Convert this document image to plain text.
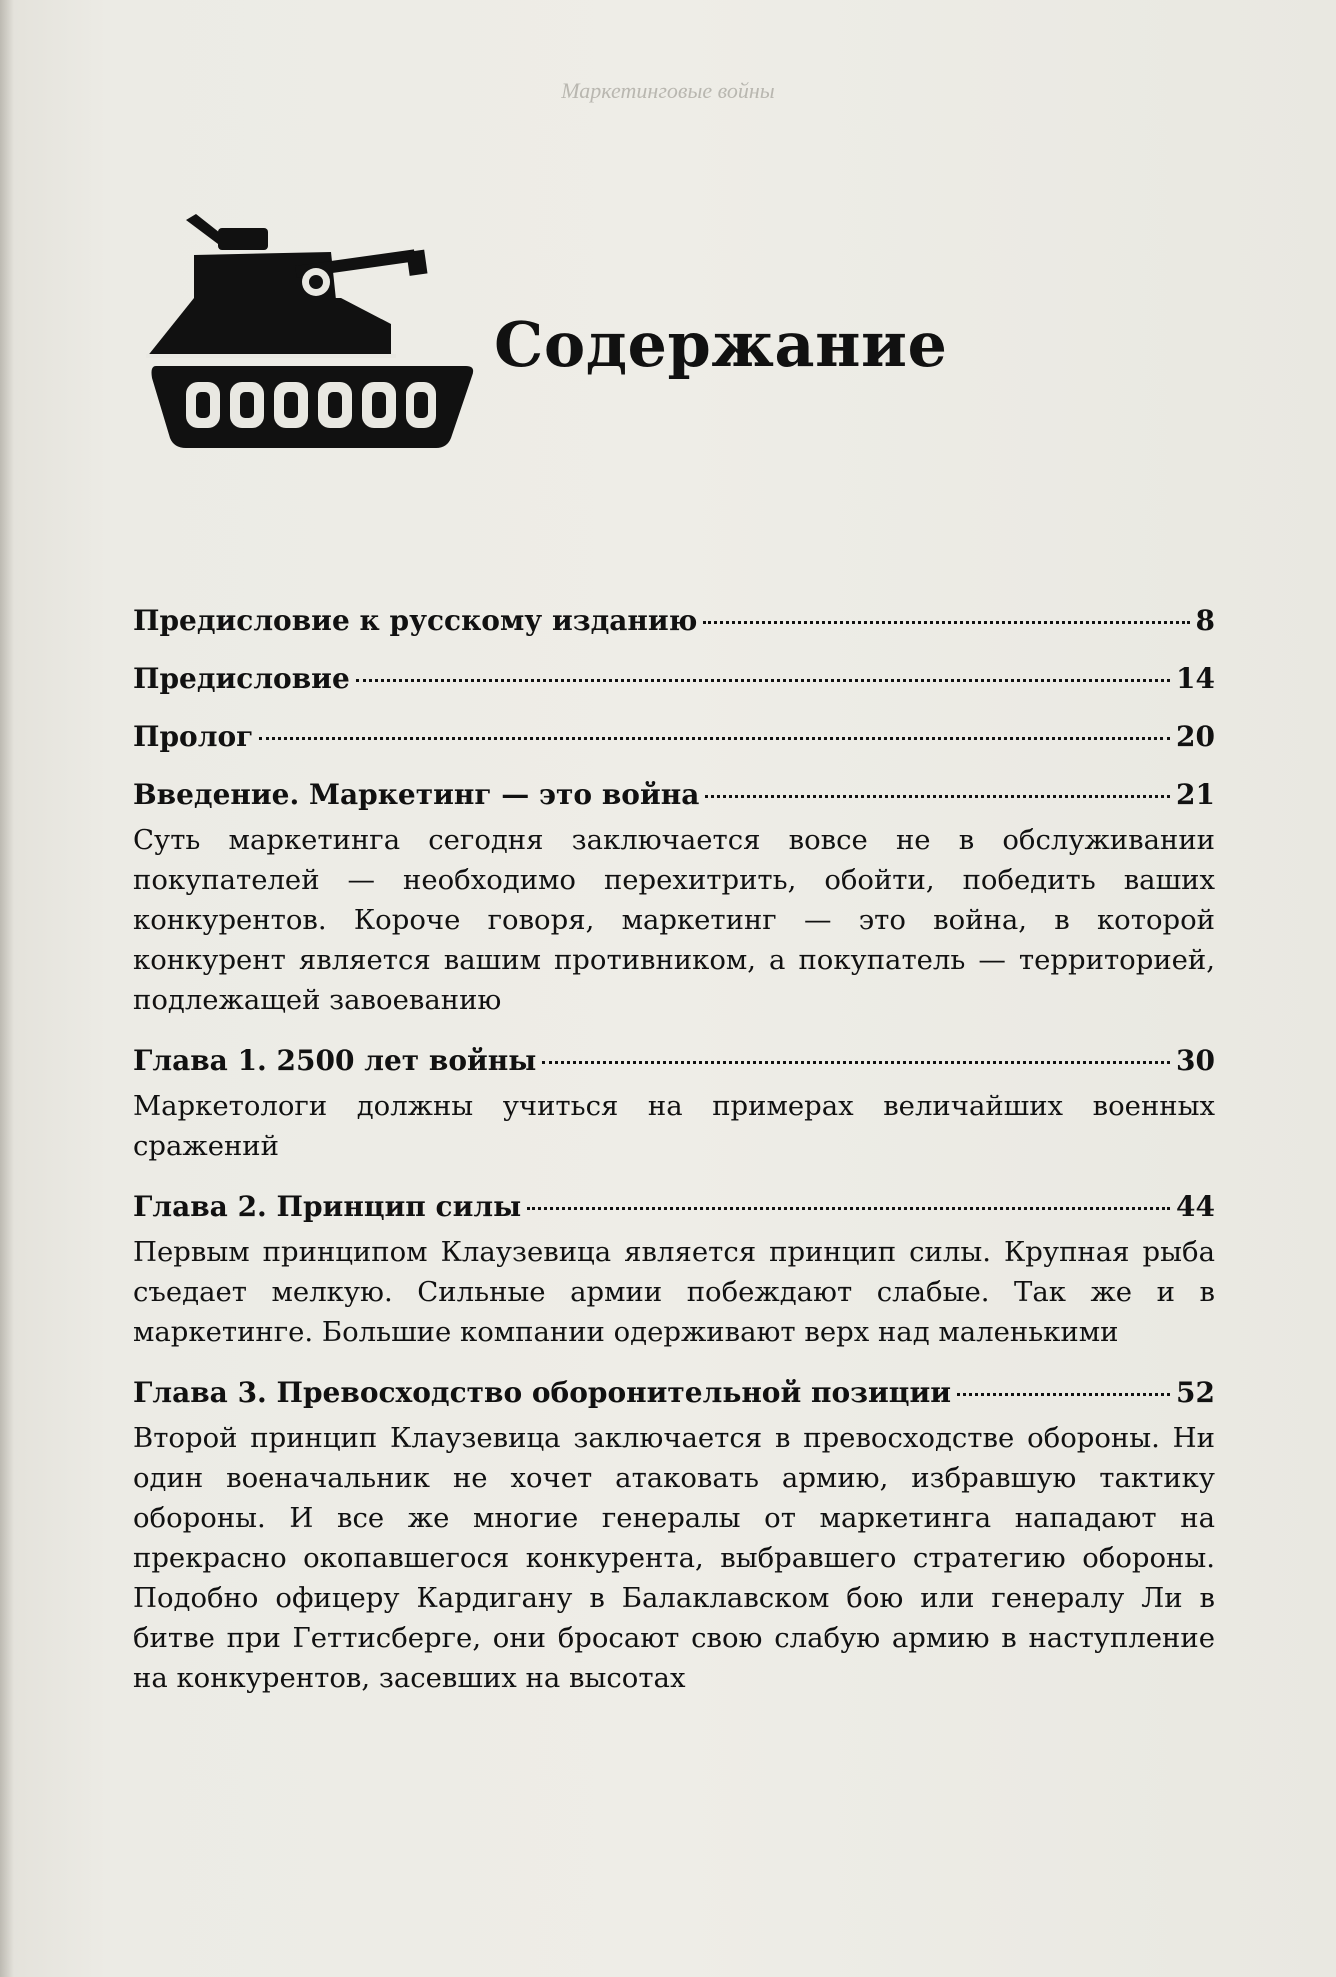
Маркетинговые войны
Содержание
Предисловие к русскому изданию	8
Предисловие	14
Пролог	20
Введение. Маркетинг — это война	21

Суть маркетинга сегодня заключается вовсе не в обслуживании покупателей — необходимо перехитрить, обойти, победить ваших конкурентов. Короче говоря, маркетинг — это война, в которой конкурент является вашим противником, а покупатель — территорией, подлежащей завоеванию

Глава 1. 2500 лет войны	30

Маркетологи должны учиться на примерах величайших военных сражений

Глава 2. Принцип силы	44

Первым принципом Клаузевица является принцип силы. Крупная рыба съедает мелкую. Сильные армии побеждают слабые. Так же и в маркетинге. Большие компании одерживают верх над маленькими

Глава 3. Превосходство оборонительной позиции	52

Второй принцип Клаузевица заключается в превосходстве обороны. Ни один военачальник не хочет атаковать армию, избравшую тактику обороны. И все же многие генералы от маркетинга нападают на прекрасно окопавшегося конкурента, выбравшего стратегию обороны. Подобно офицеру Кардигану в Балаклавском бою или генералу Ли в битве при Геттисберге, они бросают свою слабую армию в наступление на конкурентов, засевших на высотах
